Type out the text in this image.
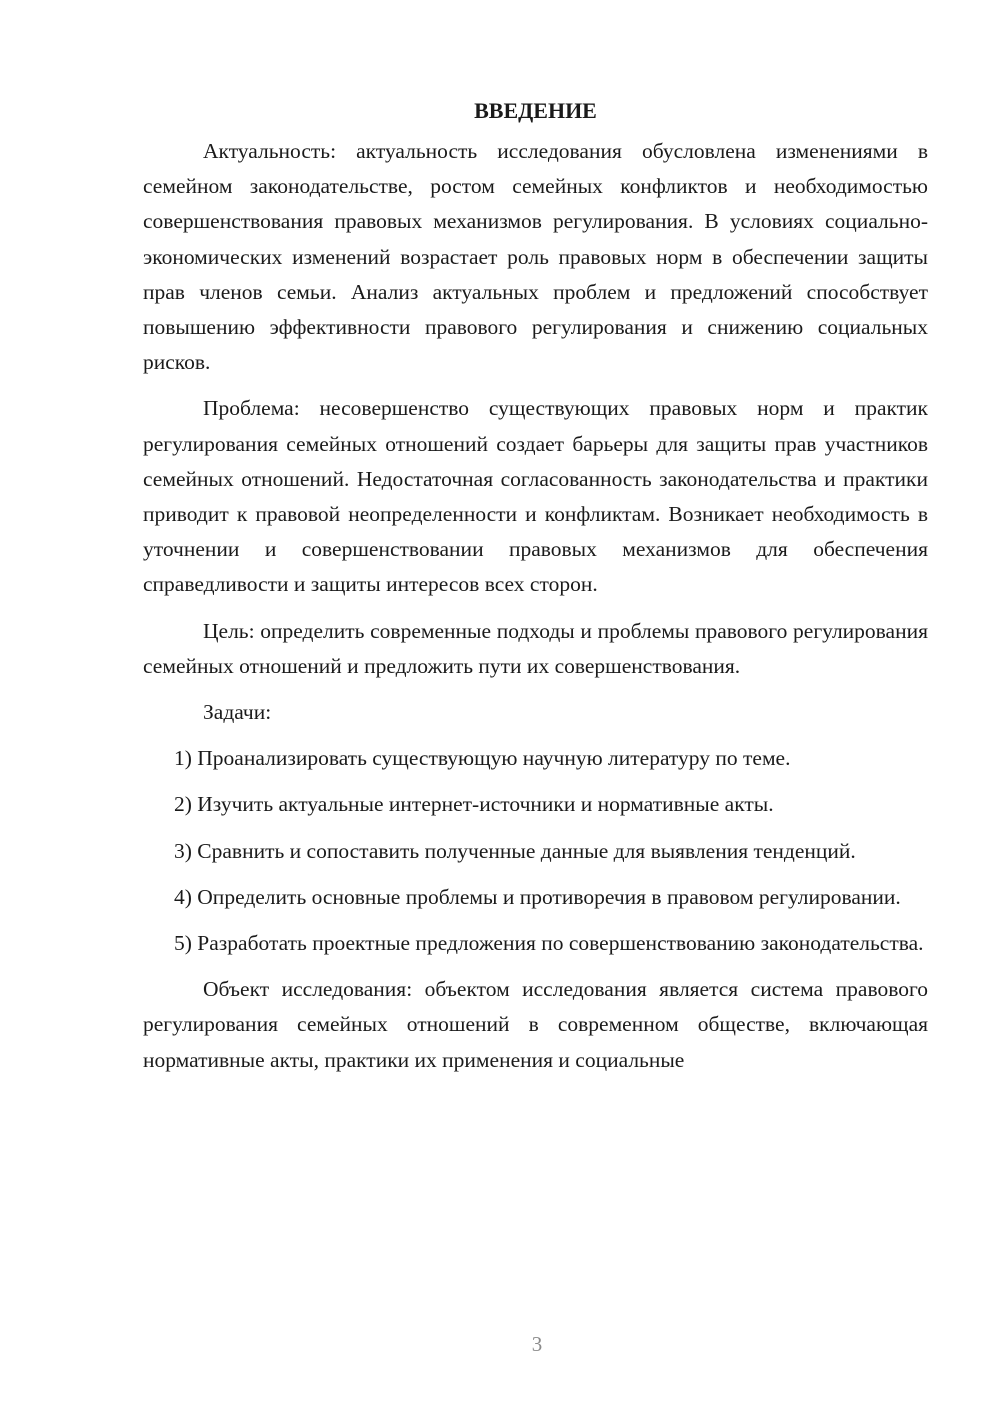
ВВЕДЕНИЕ

Актуальность: актуальность исследования обусловлена изменениями в семейном законодательстве, ростом семейных конфликтов и необходимостью совершенствования правовых механизмов регулирования. В условиях социально-экономических изменений возрастает роль правовых норм в обеспечении защиты прав членов семьи. Анализ актуальных проблем и предложений способствует повышению эффективности правового регулирования и снижению социальных рисков.

Проблема: несовершенство существующих правовых норм и практик регулирования семейных отношений создает барьеры для защиты прав участников семейных отношений. Недостаточная согласованность законодательства и практики приводит к правовой неопределенности и конфликтам. Возникает необходимость в уточнении и совершенствовании правовых механизмов для обеспечения справедливости и защиты интересов всех сторон.

Цель: определить современные подходы и проблемы правового регулирования семейных отношений и предложить пути их совершенствования.

Задачи:

1) Проанализировать существующую научную литературу по теме.

2) Изучить актуальные интернет-источники и нормативные акты.

3) Сравнить и сопоставить полученные данные для выявления тенденций.

4) Определить основные проблемы и противоречия в правовом регулировании.

5) Разработать проектные предложения по совершенствованию законодательства.

Объект исследования: объектом исследования является система правового регулирования семейных отношений в современном обществе, включающая нормативные акты, практики их применения и социальные

3
